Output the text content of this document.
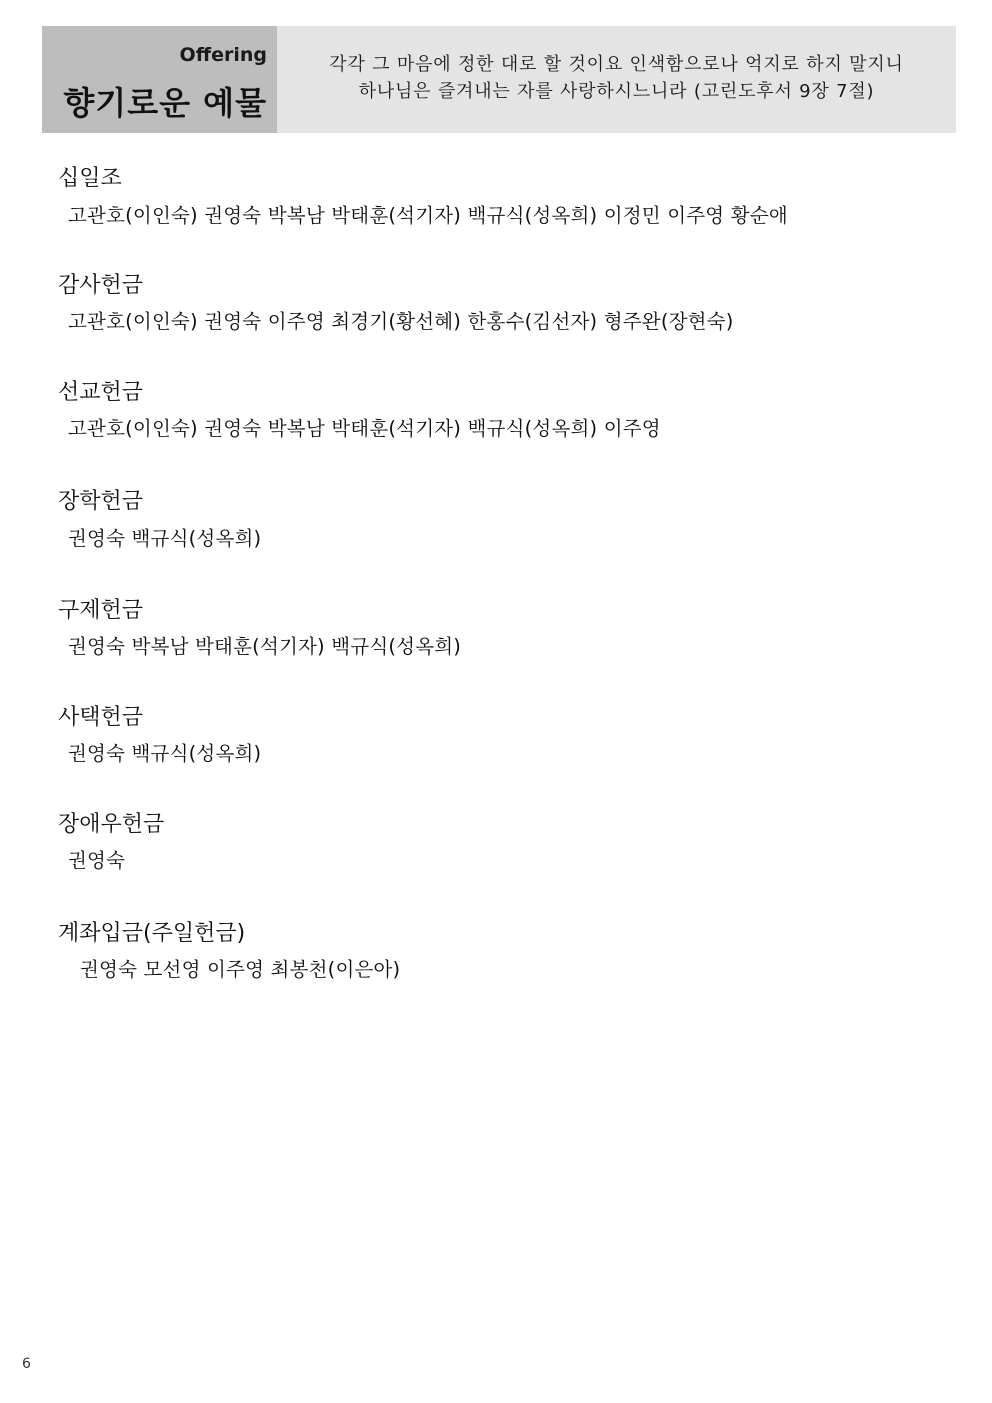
Offering
향기로운 예물
각각 그 마음에 정한 대로 할 것이요 인색함으로나 억지로 하지 말지니
하나님은 즐겨내는 자를 사랑하시느니라 (고린도후서 9장 7절)
십일조
고관호(이인숙) 권영숙 박복남 박태훈(석기자) 백규식(성옥희) 이정민 이주영 황순애
감사헌금
고관호(이인숙) 권영숙 이주영 최경기(황선혜) 한홍수(김선자) 형주완(장현숙)
선교헌금
고관호(이인숙) 권영숙 박복남 박태훈(석기자) 백규식(성옥희) 이주영
장학헌금
권영숙 백규식(성옥희)
구제헌금
권영숙 박복남 박태훈(석기자) 백규식(성옥희)
사택헌금
권영숙 백규식(성옥희)
장애우헌금
권영숙
계좌입금(주일헌금)
권영숙 모선영 이주영 최봉천(이은아)
6
